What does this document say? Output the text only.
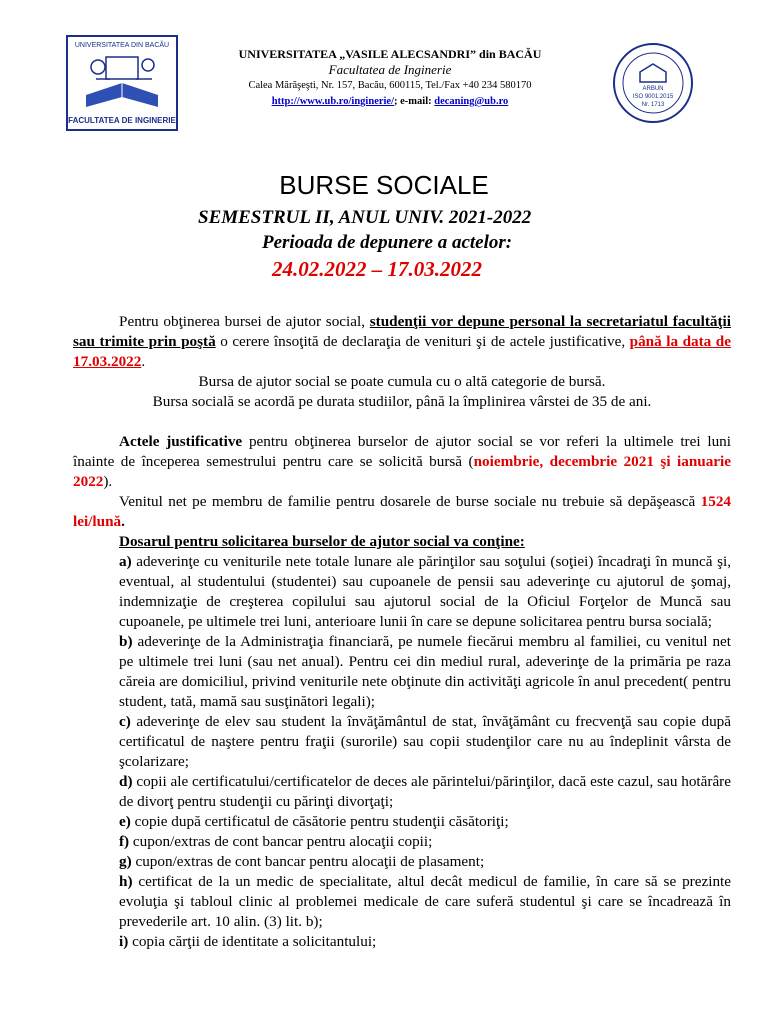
UNIVERSITATEA DIN BACĂU
FACULTATEA DE INGINERIE
UNIVERSITATEA „VASILE ALECSANDRI” din BACĂU
Facultatea de Inginerie
Calea Mărăşeşti, Nr. 157, Bacău, 600115, Tel./Fax +40 234 580170
http://www.ub.ro/inginerie/; e-mail: decaning@ub.ro
ARBUN
ISO 9001:2015
Nr. 1713
BURSE SOCIALE
SEMESTRUL II, ANUL UNIV. 2021-2022
Perioada de depunere a actelor:
24.02.2022 – 17.03.2022

Pentru obţinerea bursei de ajutor social, studenţii vor depune personal la secretariatul facultăţii sau trimite prin poştă o cerere însoţită de declaraţia de venituri şi de actele justificative, până la data de 17.03.2022.

Bursa de ajutor social se poate cumula cu o altă categorie de bursă.

Bursa socială se acordă pe durata studiilor, până la împlinirea vârstei de 35 de ani.

Actele justificative pentru obţinerea burselor de ajutor social se vor referi la ultimele trei luni înainte de începerea semestrului pentru care se solicită bursă (noiembrie, decembrie 2021 şi ianuarie 2022).

Venitul net pe membru de familie pentru dosarele de burse sociale nu trebuie să depăşească 1524 lei/lună.

Dosarul pentru solicitarea burselor de ajutor social va conţine:

a) adeverinţe cu veniturile nete totale lunare ale părinţilor sau soţului (soţiei) încadraţi în muncă şi, eventual, al studentului (studentei) sau cupoanele de pensii sau adeverinţe cu ajutorul de şomaj, indemnizaţie de creşterea copilului sau ajutorul social de la Oficiul Forţelor de Muncă sau cupoanele, pe ultimele trei luni, anterioare lunii în care se depune solicitarea pentru bursa socială;

b) adeverinţe de la Administraţia financiară, pe numele fiecărui membru al familiei, cu venitul net pe ultimele trei luni (sau net anual). Pentru cei din mediul rural, adeverinţe de la primăria pe raza căreia are domiciliul, privind veniturile nete obţinute din activităţi agricole în anul precedent( pentru student, tată, mamă sau susţinători legali);

c) adeverinţe de elev sau student la învăţământul de stat, învăţământ cu frecvenţă sau copie după certificatul de naştere pentru fraţii (surorile) sau copii studenţilor care nu au îndeplinit vârsta de şcolarizare;

d) copii ale certificatului/certificatelor de deces ale părintelui/părinţilor, dacă este cazul, sau hotărâre de divorţ pentru studenţii cu părinţi divorţaţi;

e) copie după certificatul de căsătorie pentru studenţii căsătoriţi;

f) cupon/extras de cont bancar pentru alocaţii copii;

g) cupon/extras de cont bancar pentru alocaţii de plasament;

h) certificat de la un medic de specialitate, altul decât medicul de familie, în care să se prezinte evoluţia şi tabloul clinic al problemei medicale de care suferă studentul şi care se încadrează în prevederile art. 10 alin. (3) lit. b);

i) copia cărţii de identitate a solicitantului;
